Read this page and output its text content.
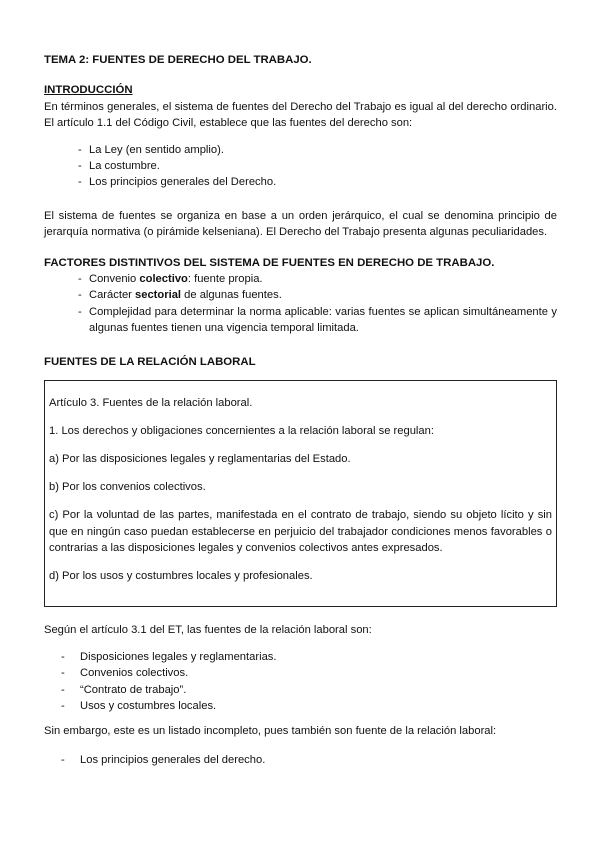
TEMA 2: FUENTES DE DERECHO DEL TRABAJO.
INTRODUCCIÓN

En términos generales, el sistema de fuentes del Derecho del Trabajo es igual al del derecho ordinario. El artículo 1.1 del Código Civil, establece que las fuentes del derecho son:

- La Ley (en sentido amplio).
- La costumbre.
- Los principios generales del Derecho.

El sistema de fuentes se organiza en base a un orden jerárquico, el cual se denomina principio de jerarquía normativa (o pirámide kelseniana). El Derecho del Trabajo presenta algunas peculiaridades.

FACTORES DISTINTIVOS DEL SISTEMA DE FUENTES EN DERECHO DE TRABAJO.
- Convenio colectivo: fuente propia.
- Carácter sectorial de algunas fuentes.
- Complejidad para determinar la norma aplicable: varias fuentes se aplican simultáneamente y algunas fuentes tienen una vigencia temporal limitada.
FUENTES DE LA RELACIÓN LABORAL

Artículo 3. Fuentes de la relación laboral.

1. Los derechos y obligaciones concernientes a la relación laboral se regulan:

a) Por las disposiciones legales y reglamentarias del Estado.

b) Por los convenios colectivos.

c) Por la voluntad de las partes, manifestada en el contrato de trabajo, siendo su objeto lícito y sin que en ningún caso puedan establecerse en perjuicio del trabajador condiciones menos favorables o contrarias a las disposiciones legales y convenios colectivos antes expresados.

d) Por los usos y costumbres locales y profesionales.

Según el artículo 3.1 del ET, las fuentes de la relación laboral son:

- Disposiciones legales y reglamentarias.
- Convenios colectivos.
- “Contrato de trabajo”.
- Usos y costumbres locales.

Sin embargo, este es un listado incompleto, pues también son fuente de la relación laboral:

- Los principios generales del derecho.
